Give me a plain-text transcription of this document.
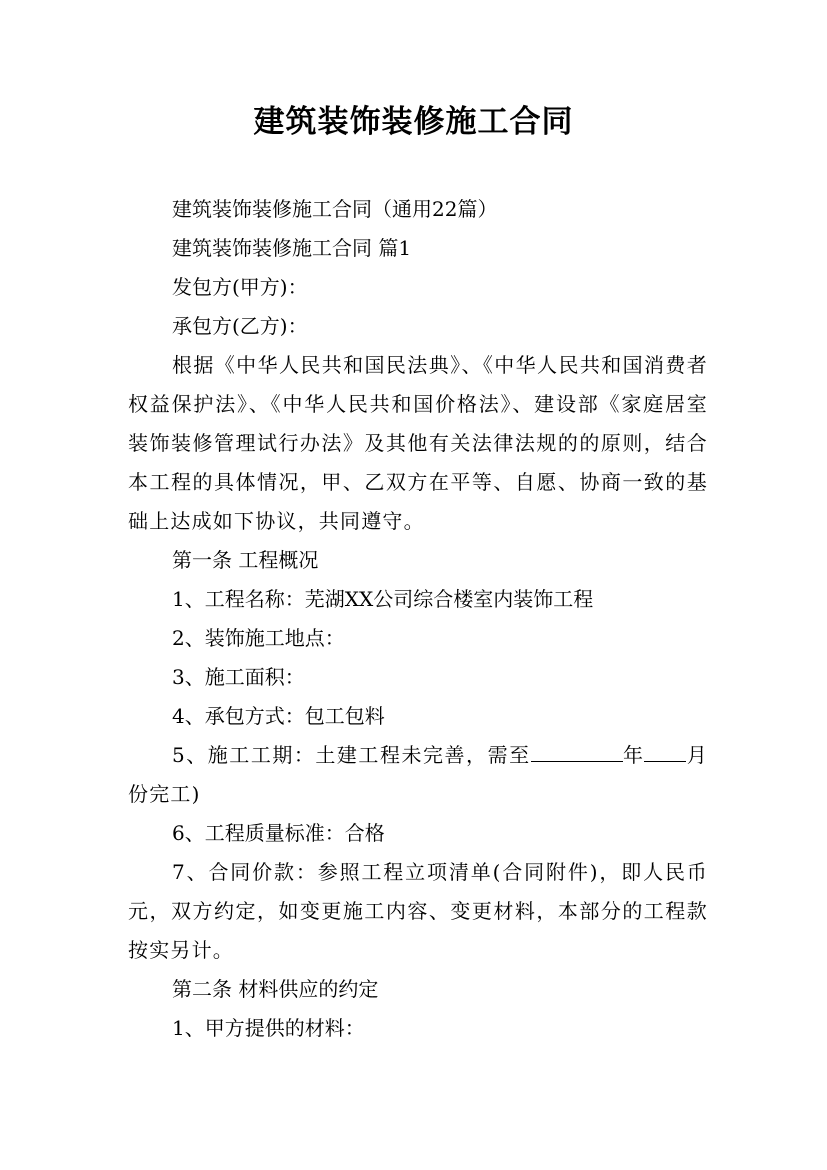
建筑装饰装修施工合同

建筑装饰装修施工合同（通用22篇）

建筑装饰装修施工合同 篇1

发包方(甲方)：

承包方(乙方)：

根据《中华人民共和国民法典》、《中华人民共和国消费者权益保护法》、《中华人民共和国价格法》、建设部《家庭居室装饰装修管理试行办法》及其他有关法律法规的的原则，结合本工程的具体情况，甲、乙双方在平等、自愿、协商一致的基础上达成如下协议，共同遵守。

第一条 工程概况

1、工程名称：芜湖XX公司综合楼室内装饰工程

2、装饰施工地点：

3、施工面积：

4、承包方式：包工包料

5、施工工期：土建工程未完善，需至	年 月份完工)

6、工程质量标准：合格

7、合同价款：参照工程立项清单(合同附件)，即人民币元，双方约定，如变更施工内容、变更材料，本部分的工程款按实另计。

第二条 材料供应的约定

1、甲方提供的材料：
